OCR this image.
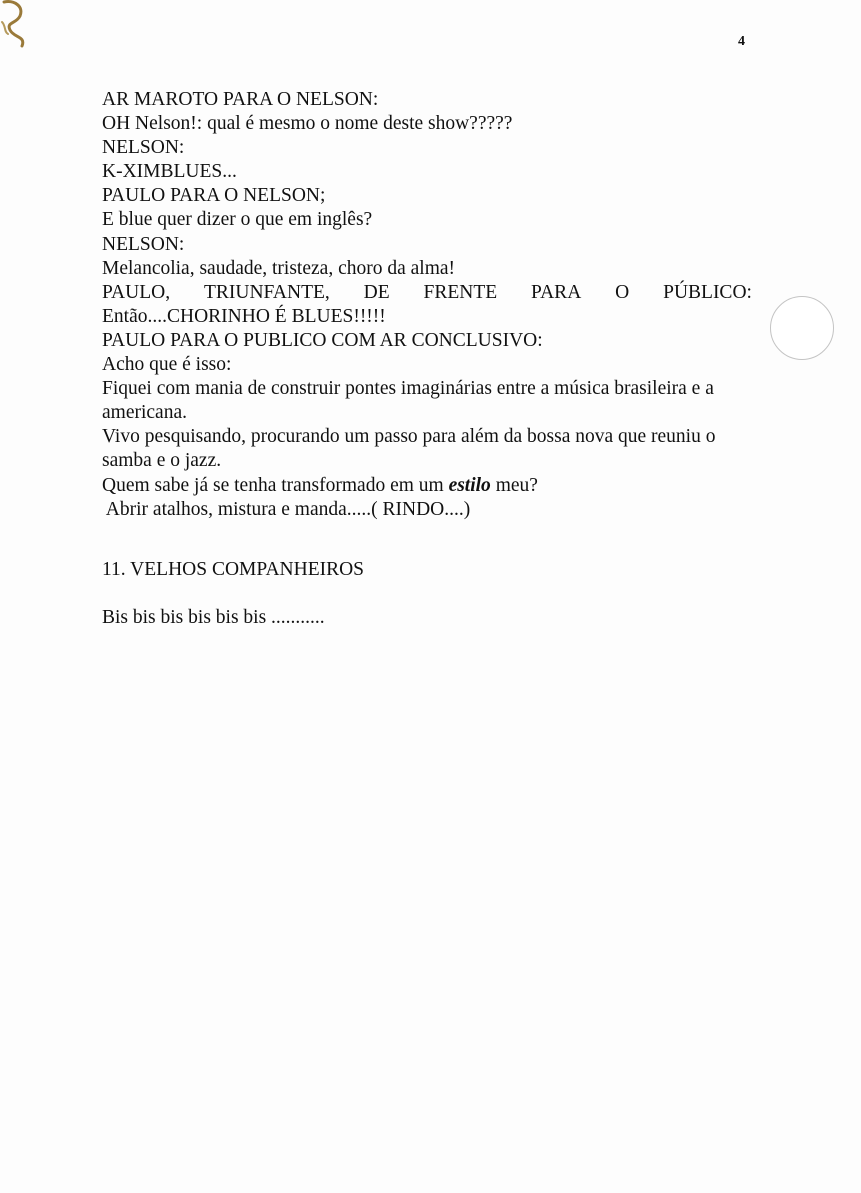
4
AR MAROTO PARA O NELSON:
OH Nelson!: qual é mesmo o nome deste show?????
NELSON:
K-XIMBLUES...
PAULO PARA O NELSON;
E blue quer dizer o que em inglês?
NELSON:
Melancolia, saudade, tristeza, choro da alma!
PAULO, TRIUNFANTE, DE FRENTE PARA O PÚBLICO:
Então....CHORINHO É BLUES!!!!!
PAULO PARA O PUBLICO COM AR CONCLUSIVO:
Acho que é isso:
Fiquei com mania de construir pontes imaginárias entre a música brasileira e a
americana.
Vivo pesquisando, procurando um passo para além da bossa nova que reuniu o
samba e o jazz.
Quem sabe já se tenha transformado em um estilo meu?
Abrir atalhos, mistura e manda.....( RINDO....)
11. VELHOS COMPANHEIROS
Bis bis bis bis bis bis ...........
